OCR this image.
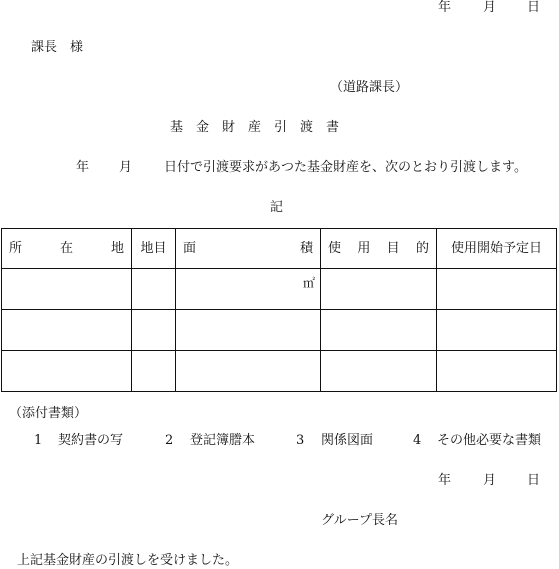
年 月 日
課長　様
（道路課長）
基　金　財　産　引　渡　書
年 月 日付で引渡要求があつた基金財産を、次のとおり引渡します。
記
所 在 地	地目	面 積	使 用 目 的	使用開始予定日

		㎡		

（添付書類）
1 契約書の写	2 登記簿謄本	3 関係図面	4 その他必要な書類
年 月 日
グループ長名
上記基金財産の引渡しを受けました。
